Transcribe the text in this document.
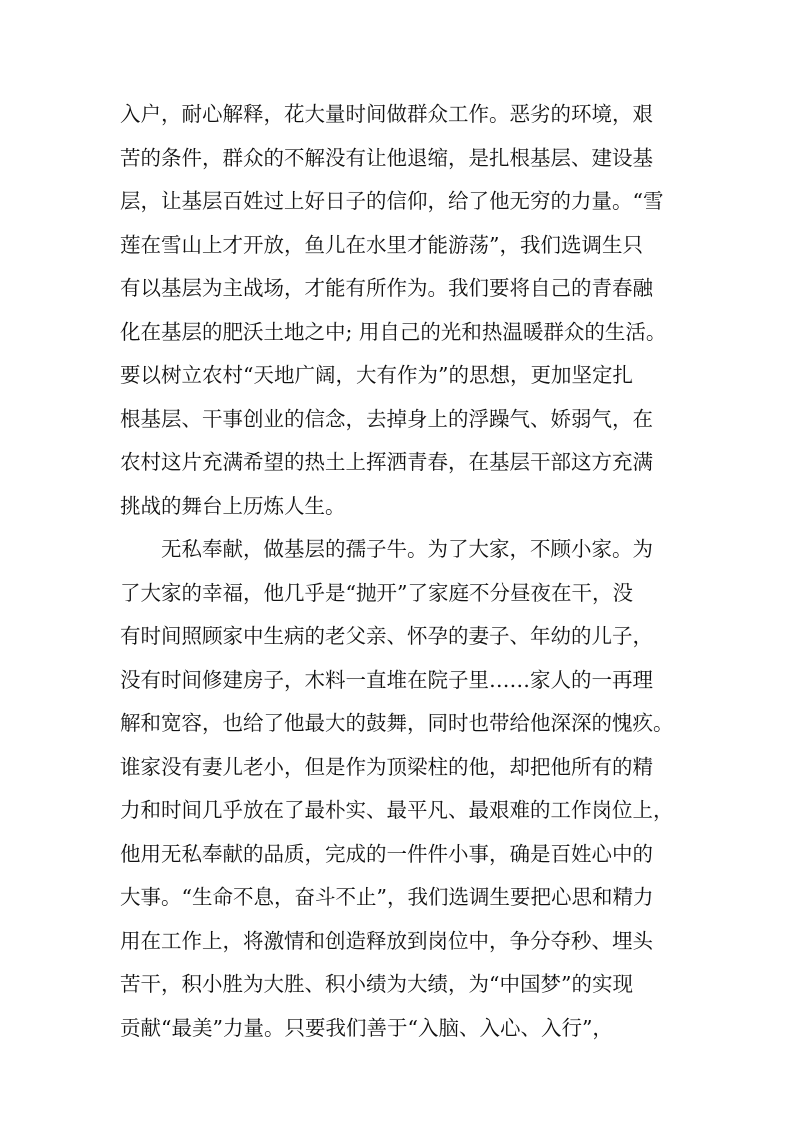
入户，耐心解释，花大量时间做群众工作。恶劣的环境，艰
苦的条件，群众的不解没有让他退缩，是扎根基层、建设基
层，让基层百姓过上好日子的信仰，给了他无穷的力量。“雪
莲在雪山上才开放，鱼儿在水里才能游荡”，我们选调生只
有以基层为主战场，才能有所作为。我们要将自己的青春融
化在基层的肥沃土地之中; 用自己的光和热温暖群众的生活。
要以树立农村“天地广阔，大有作为”的思想，更加坚定扎
根基层、干事创业的信念，去掉身上的浮躁气、娇弱气，在
农村这片充满希望的热土上挥洒青春，在基层干部这方充满
挑战的舞台上历炼人生。
　　无私奉献，做基层的孺子牛。为了大家，不顾小家。为
了大家的幸福，他几乎是“抛开”了家庭不分昼夜在干，没
有时间照顾家中生病的老父亲、怀孕的妻子、年幼的儿子，
没有时间修建房子，木料一直堆在院子里……家人的一再理
解和宽容，也给了他最大的鼓舞，同时也带给他深深的愧疚。
谁家没有妻儿老小，但是作为顶梁柱的他，却把他所有的精
力和时间几乎放在了最朴实、最平凡、最艰难的工作岗位上，
他用无私奉献的品质，完成的一件件小事，确是百姓心中的
大事。“生命不息，奋斗不止”，我们选调生要把心思和精力
用在工作上，将激情和创造释放到岗位中，争分夺秒、埋头
苦干，积小胜为大胜、积小绩为大绩，为“中国梦”的实现
贡献“最美”力量。只要我们善于“入脑、入心、入行”，
